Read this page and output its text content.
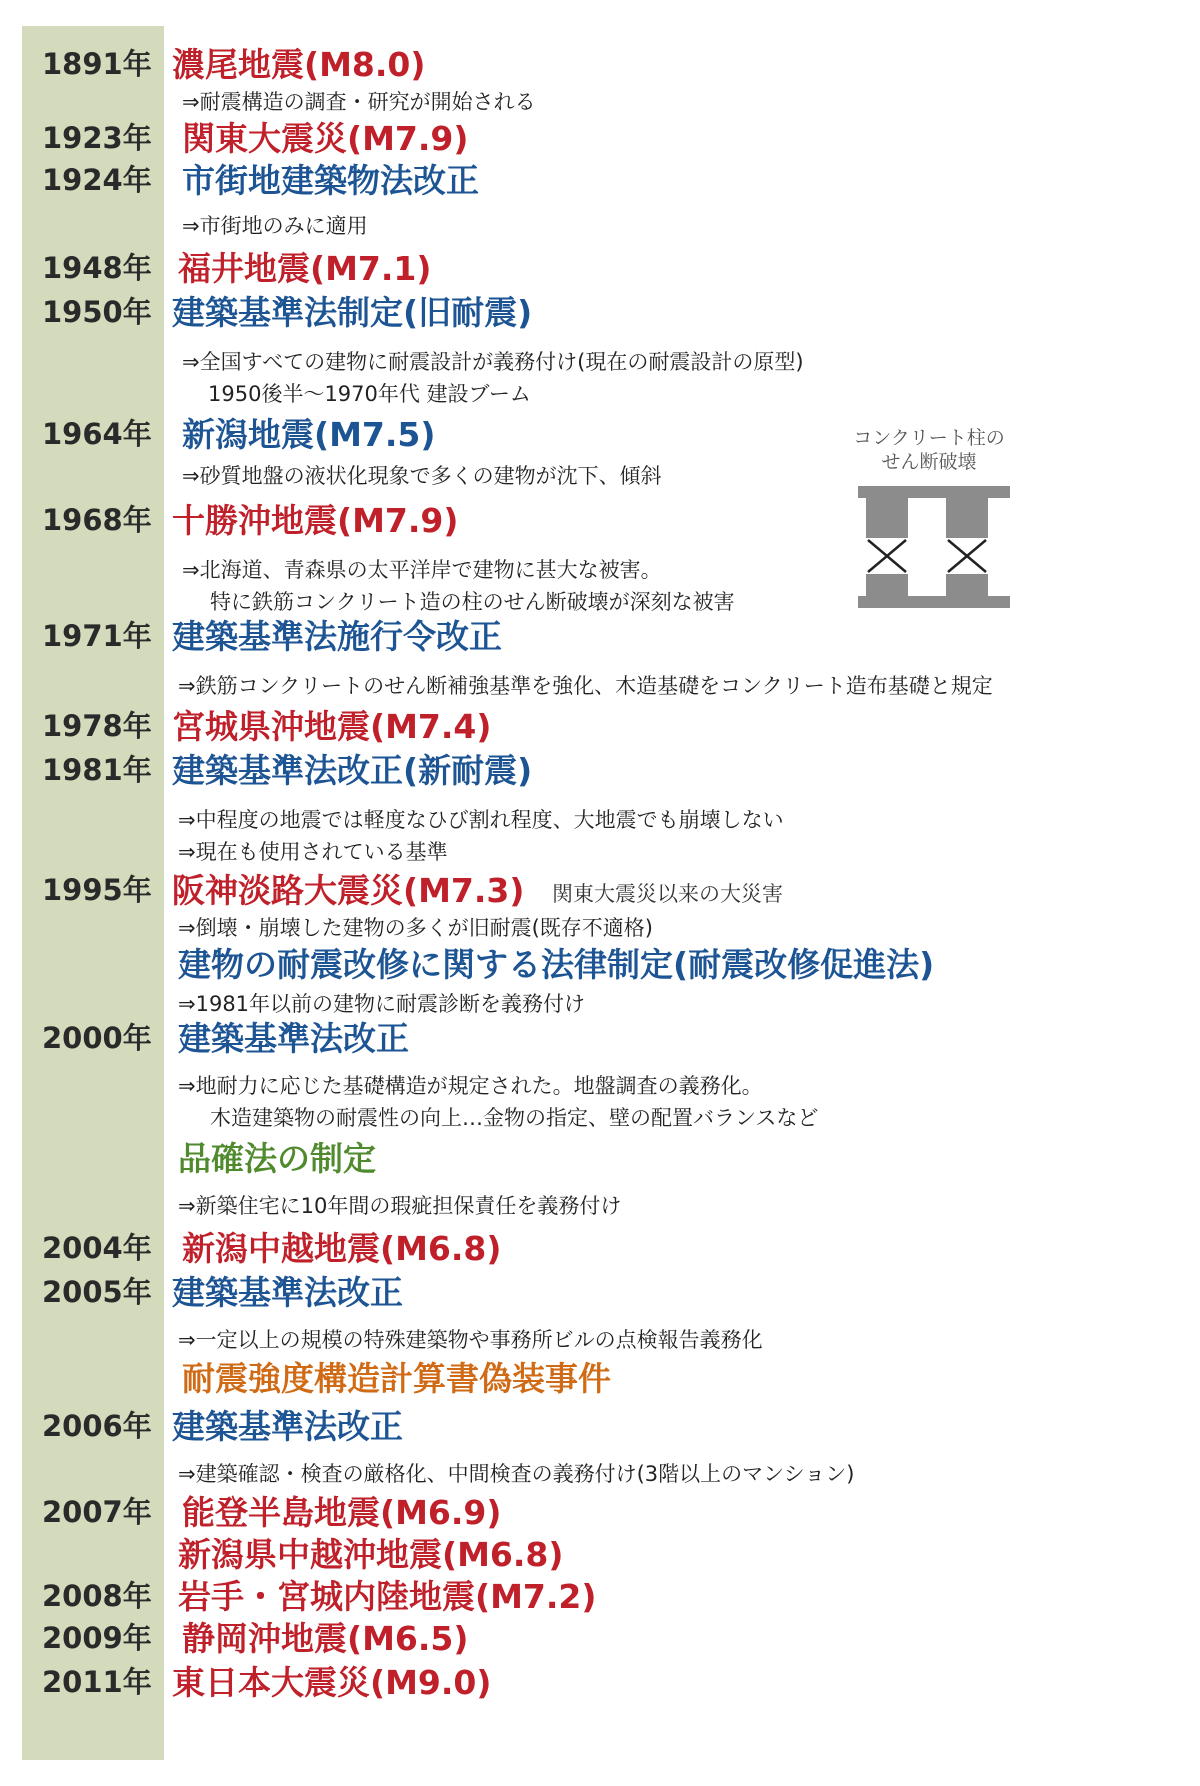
1891年 濃尾地震(M8.0)
⇒耐震構造の調査・研究が開始される
1923年 関東大震災(M7.9)
1924年 市街地建築物法改正
⇒市街地のみに適用
1948年 福井地震(M7.1)
1950年 建築基準法制定(旧耐震)
⇒全国すべての建物に耐震設計が義務付け(現在の耐震設計の原型)
1950後半〜1970年代 建設ブーム
1964年 新潟地震(M7.5)
⇒砂質地盤の液状化現象で多くの建物が沈下、傾斜
1968年 十勝沖地震(M7.9)
⇒北海道、青森県の太平洋岸で建物に甚大な被害。
特に鉄筋コンクリート造の柱のせん断破壊が深刻な被害
1971年 建築基準法施行令改正
⇒鉄筋コンクリートのせん断補強基準を強化、木造基礎をコンクリート造布基礎と規定
1978年 宮城県沖地震(M7.4)
1981年 建築基準法改正(新耐震)
⇒中程度の地震では軽度なひび割れ程度、大地震でも崩壊しない
⇒現在も使用されている基準
1995年 阪神淡路大震災(M7.3) 関東大震災以来の大災害
⇒倒壊・崩壊した建物の多くが旧耐震(既存不適格)
建物の耐震改修に関する法律制定(耐震改修促進法)
⇒1981年以前の建物に耐震診断を義務付け
2000年 建築基準法改正
⇒地耐力に応じた基礎構造が規定された。地盤調査の義務化。
木造建築物の耐震性の向上…金物の指定、壁の配置バランスなど
品確法の制定
⇒新築住宅に10年間の瑕疵担保責任を義務付け
2004年 新潟中越地震(M6.8)
2005年 建築基準法改正
⇒一定以上の規模の特殊建築物や事務所ビルの点検報告義務化
耐震強度構造計算書偽装事件
2006年 建築基準法改正
⇒建築確認・検査の厳格化、中間検査の義務付け(3階以上のマンション)
2007年 能登半島地震(M6.9)
新潟県中越沖地震(M6.8)
2008年 岩手・宮城内陸地震(M7.2)
2009年 静岡沖地震(M6.5)
2011年 東日本大震災(M9.0)
コンクリート柱の
せん断破壊
